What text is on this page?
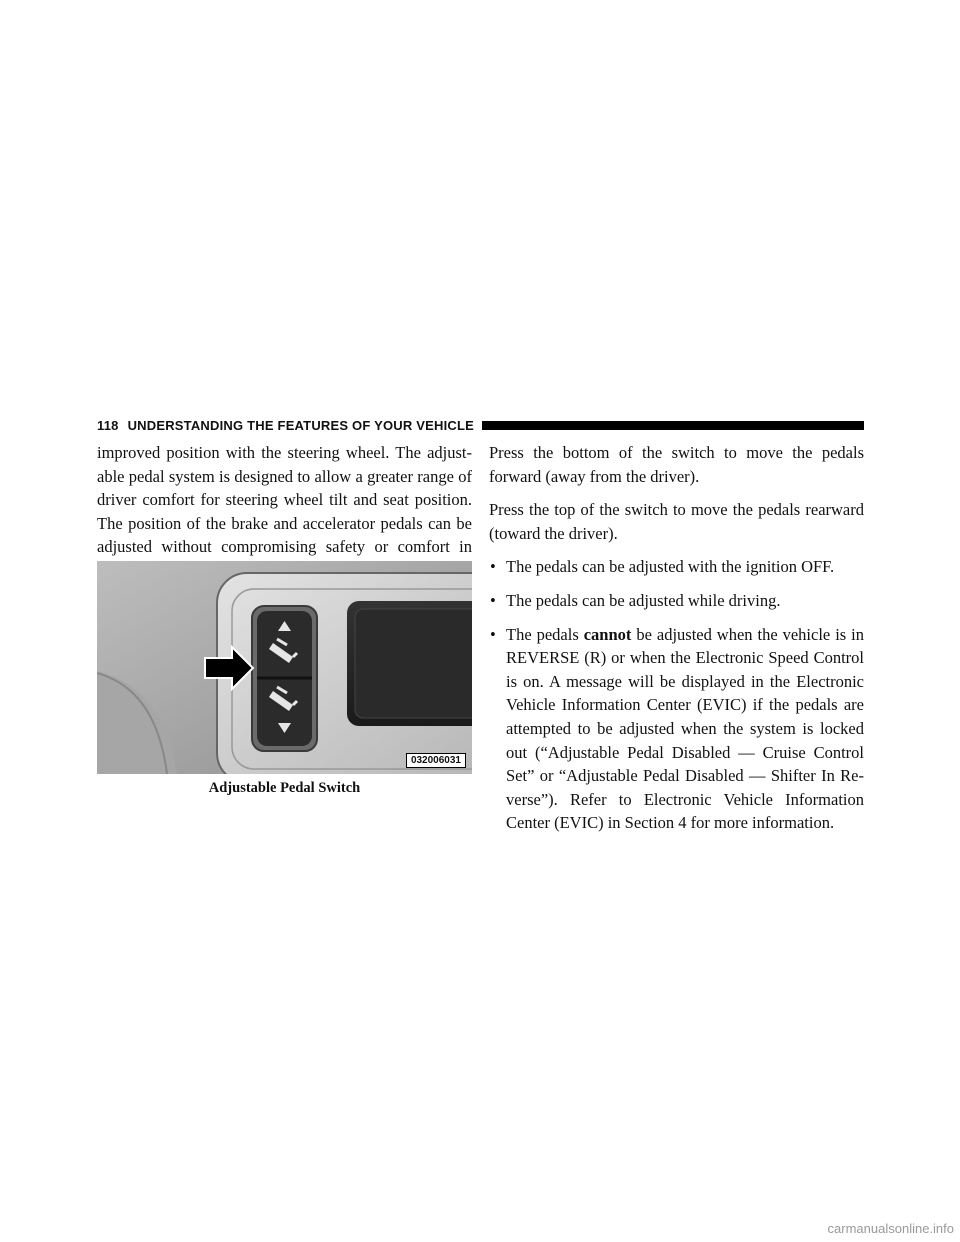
118 UNDERSTANDING THE FEATURES OF YOUR VEHICLE

improved position with the steering wheel. The adjust-able pedal system is designed to allow a greater range of driver comfort for steering wheel tilt and seat position. The position of the brake and accelerator pedals can be adjusted without compromising safety or comfort in

032006031
Adjustable Pedal Switch

Press the bottom of the switch to move the pedals forward (away from the driver).

Press the top of the switch to move the pedals rearward (toward the driver).

• The pedals can be adjusted with the ignition OFF.
• The pedals can be adjusted while driving.
• The pedals cannot be adjusted when the vehicle is in REVERSE (R) or when the Electronic Speed Control is on. A message will be displayed in the Electronic Vehicle Information Center (EVIC) if the pedals are attempted to be adjusted when the system is locked out (“Adjustable Pedal Disabled — Cruise Control Set” or “Adjustable Pedal Disabled — Shifter In Re-verse”). Refer to Electronic Vehicle Information Center (EVIC) in Section 4 for more information.
carmanualsonline.info
